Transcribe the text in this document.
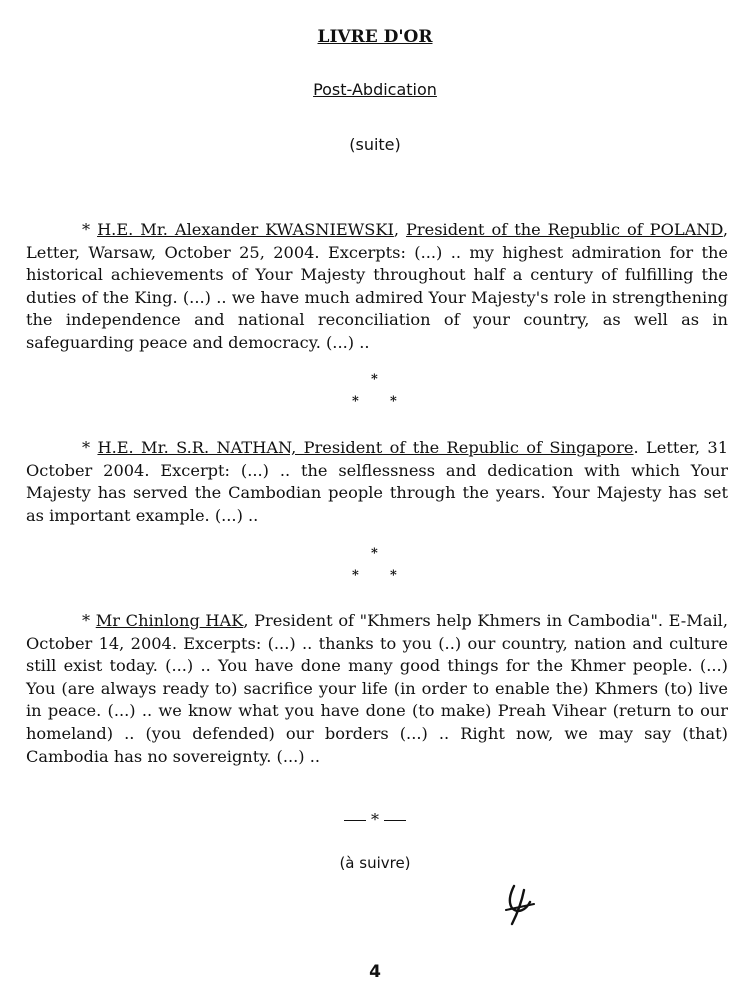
LIVRE D'OR
Post-Abdication
(suite)

* H.E. Mr. Alexander KWASNIEWSKI, President of the Republic of POLAND, Letter, Warsaw, October 25, 2004. Excerpts: (...) .. my highest admiration for the historical achievements of Your Majesty throughout half a century of fulfilling the duties of the King. (...) .. we have much admired Your Majesty's role in strengthening the independence and national reconciliation of your country, as well as in safeguarding peace and democracy. (...) ..

*
* *

* H.E. Mr. S.R. NATHAN, President of the Republic of Singapore. Letter, 31 October 2004. Excerpt: (...) .. the selflessness and dedication with which Your Majesty has served the Cambodian people through the years. Your Majesty has set as important example. (...) ..

*
* *

* Mr Chinlong HAK, President of "Khmers help Khmers in Cambodia". E-Mail, October 14, 2004. Excerpts: (...) .. thanks to you (..) our country, nation and culture still exist today. (...) .. You have done many good things for the Khmer people. (...) You (are always ready to) sacrifice your life (in order to enable the) Khmers (to) live in peace. (...) .. we know what you have done (to make) Preah Vihear (return to our homeland) .. (you defended) our borders (...) .. Right now, we may say (that) Cambodia has no sovereignty. (...) ..

*
(à suivre)
4
